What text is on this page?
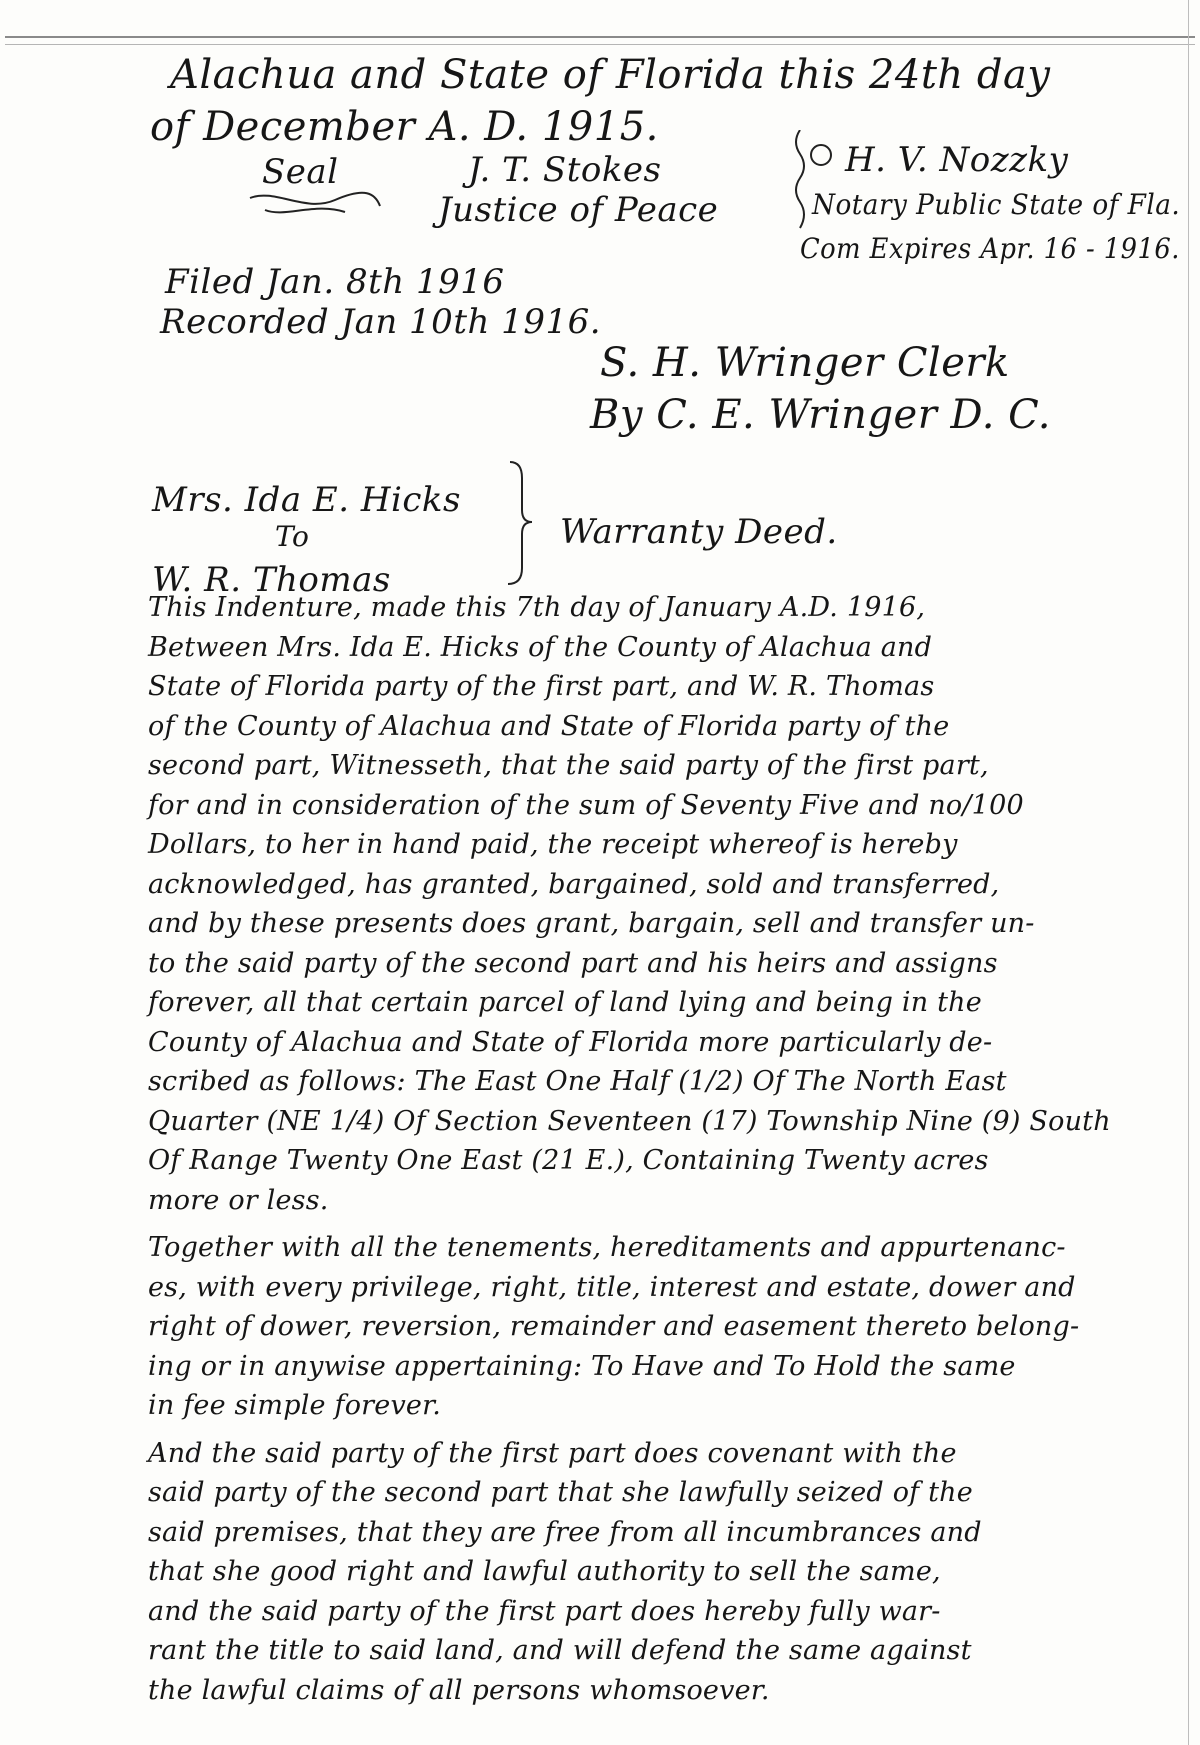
Alachua and State of Florida this 24th day
of December A. D. 1915.
Seal	J. T. Stokes
Justice of Peace
H. V. Nozzky
Notary Public State of Fla.
Com Expires Apr. 16 - 1916.
Filed Jan. 8th 1916
Recorded Jan 10th 1916.
S. H. Wringer Clerk
By C. E. Wringer D. C.
Mrs. Ida E. Hicks
To
W. R. Thomas
Warranty Deed.
This Indenture, made this 7th day of January A.D. 1916,
Between Mrs. Ida E. Hicks of the County of Alachua and
State of Florida party of the first part, and W. R. Thomas
of the County of Alachua and State of Florida party of the
second part, Witnesseth, that the said party of the first part,
for and in consideration of the sum of Seventy Five and no/100
Dollars, to her in hand paid, the receipt whereof is hereby
acknowledged, has granted, bargained, sold and transferred,
and by these presents does grant, bargain, sell and transfer un-
to the said party of the second part and his heirs and assigns
forever, all that certain parcel of land lying and being in the
County of Alachua and State of Florida more particularly de-
scribed as follows: The East One Half (1/2) Of The North East
Quarter (NE 1/4) Of Section Seventeen (17) Township Nine (9) South
Of Range Twenty One East (21 E.), Containing Twenty acres
more or less.
Together with all the tenements, hereditaments and appurtenanc-
es, with every privilege, right, title, interest and estate, dower and
right of dower, reversion, remainder and easement thereto belong-
ing or in anywise appertaining: To Have and To Hold the same
in fee simple forever.
And the said party of the first part does covenant with the
said party of the second part that she lawfully seized of the
said premises, that they are free from all incumbrances and
that she good right and lawful authority to sell the same,
and the said party of the first part does hereby fully war-
rant the title to said land, and will defend the same against
the lawful claims of all persons whomsoever.
